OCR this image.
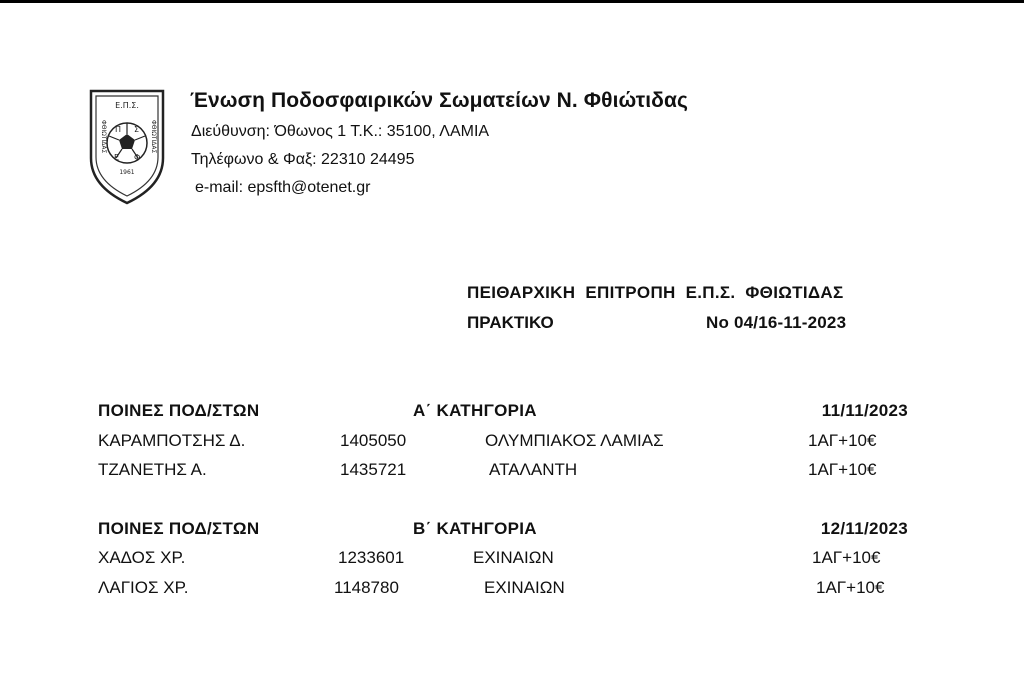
Ε.Π.Σ.
ΦΘΙΩΤΙΔΑΣ	ΦΘΙΩΤΙΔΑΣ
Π Σ
Ε Φ
1961
Ένωση Ποδοσφαιρικών Σωματείων Ν. Φθιώτιδας
Διεύθυνση: Όθωνος 1 Τ.Κ.: 35100, ΛΑΜΙΑ
Τηλέφωνο & Φαξ: 22310 24495
e-mail: epsfth@otenet.gr
ΠΕΙΘΑΡΧΙΚΗ ΕΠΙΤΡΟΠΗ Ε.Π.Σ. ΦΘΙΩΤΙΔΑΣ
ΠΡΑΚΤΙΚΟ	Νο 04/16-11-2023
ΠΟΙΝΕΣ ΠΟΔ/ΣΤΩΝ	Α΄ ΚΑΤΗΓΟΡΙΑ	11/11/2023
ΚΑΡΑΜΠΟΤΣΗΣ Δ.	1405050	ΟΛΥΜΠΙΑΚΟΣ ΛΑΜΙΑΣ	1ΑΓ+10€
ΤΖΑΝΕΤΗΣ Α.	1435721	ΑΤΑΛΑΝΤΗ	1ΑΓ+10€
ΠΟΙΝΕΣ ΠΟΔ/ΣΤΩΝ	Β΄ ΚΑΤΗΓΟΡΙΑ	12/11/2023
ΧΑΔΟΣ ΧΡ.	1233601	ΕΧΙΝΑΙΩΝ	1ΑΓ+10€
ΛΑΓΙΟΣ ΧΡ.	1148780	ΕΧΙΝΑΙΩΝ	1ΑΓ+10€
